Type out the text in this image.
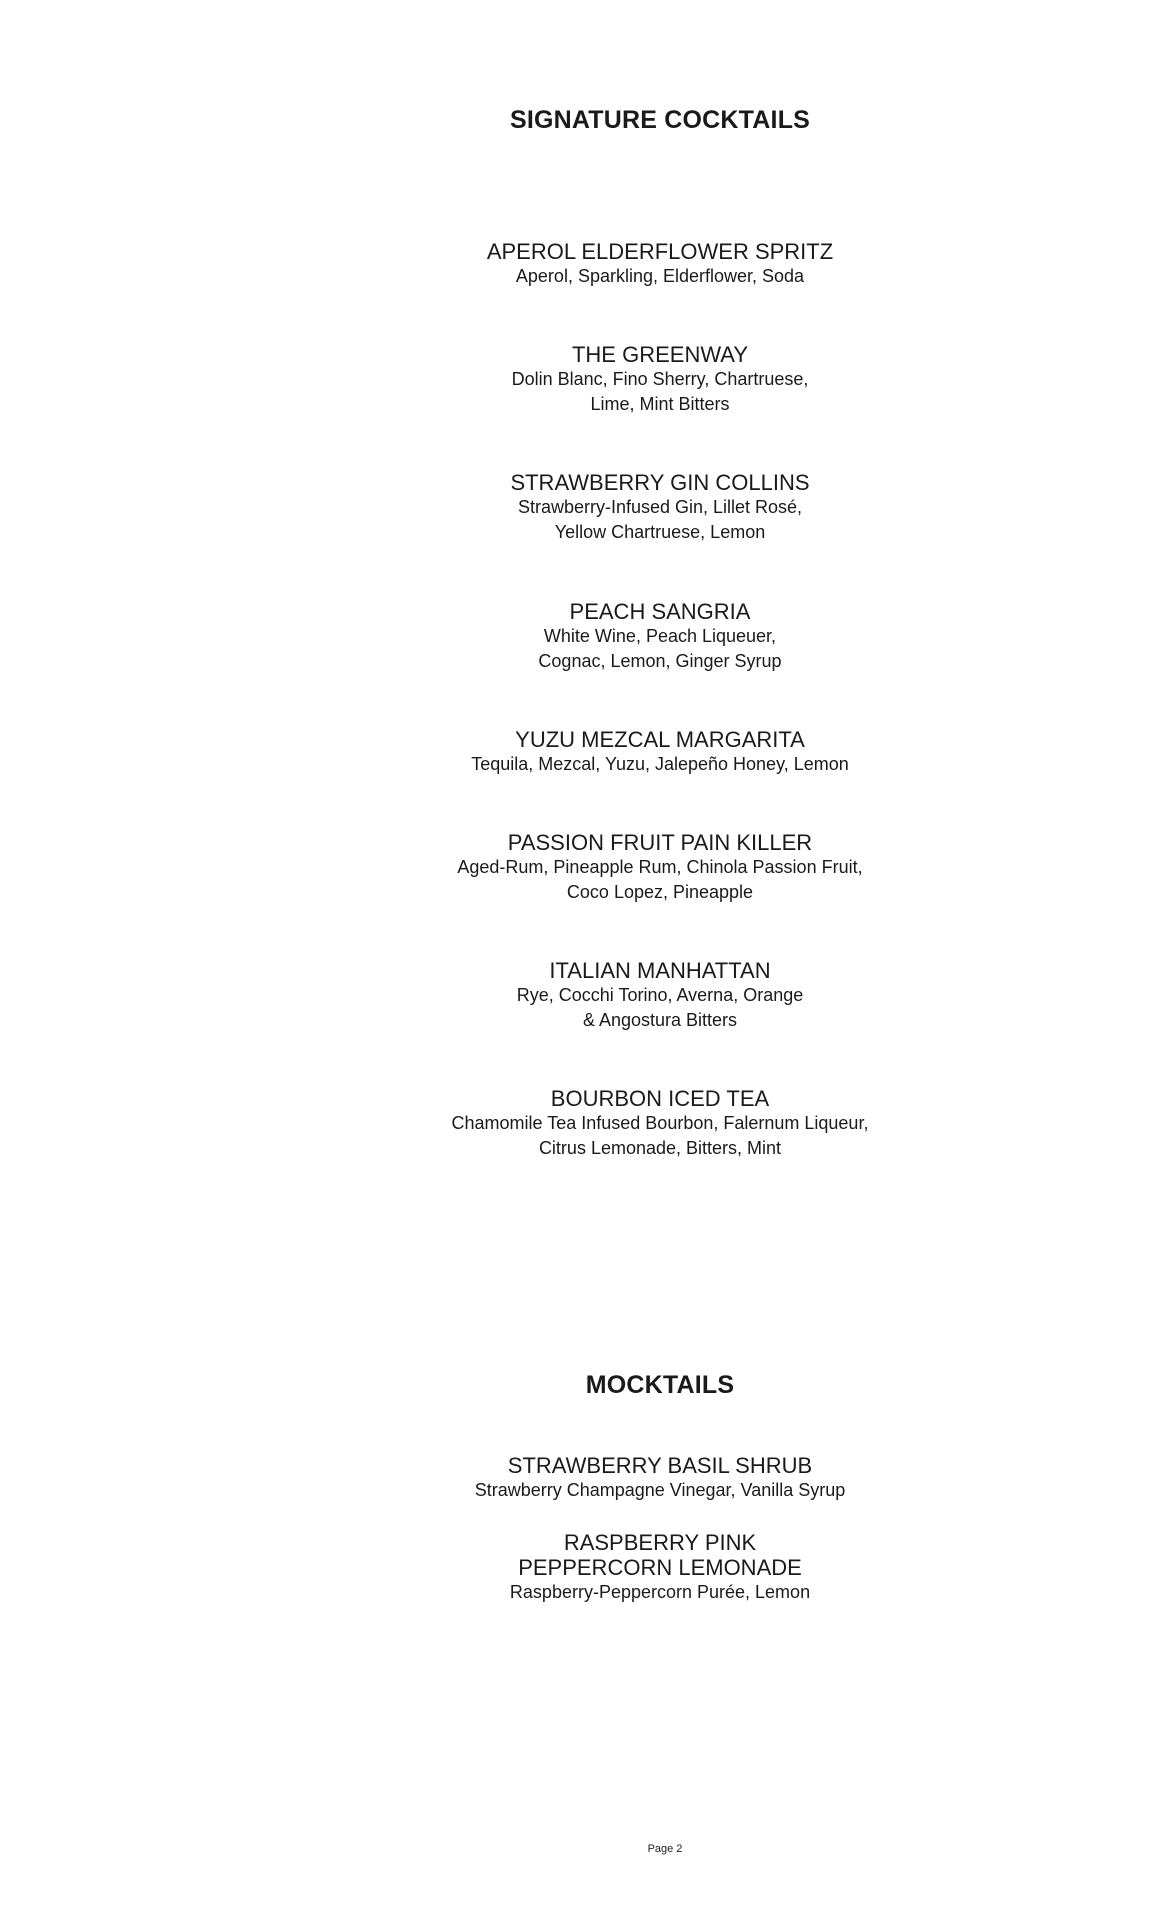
SIGNATURE COCKTAILS

APEROL ELDERFLOWER SPRITZ

Aperol, Sparkling, Elderflower, Soda

THE GREENWAY

Dolin Blanc, Fino Sherry, Chartruese,
Lime, Mint Bitters

STRAWBERRY GIN COLLINS

Strawberry-Infused Gin, Lillet Rosé,
Yellow Chartruese, Lemon

PEACH SANGRIA

White Wine, Peach Liqueuer,
Cognac, Lemon, Ginger Syrup

YUZU MEZCAL MARGARITA

Tequila, Mezcal, Yuzu, Jalepeño Honey, Lemon

PASSION FRUIT PAIN KILLER

Aged-Rum, Pineapple Rum, Chinola Passion Fruit,
Coco Lopez, Pineapple

ITALIAN MANHATTAN

Rye, Cocchi Torino, Averna, Orange
& Angostura Bitters

BOURBON ICED TEA

Chamomile Tea Infused Bourbon, Falernum Liqueur,
Citrus Lemonade, Bitters, Mint

MOCKTAILS

STRAWBERRY BASIL SHRUB

Strawberry Champagne Vinegar, Vanilla Syrup

RASPBERRY PINK
PEPPERCORN LEMONADE

Raspberry-Peppercorn Purée, Lemon

Page 2
